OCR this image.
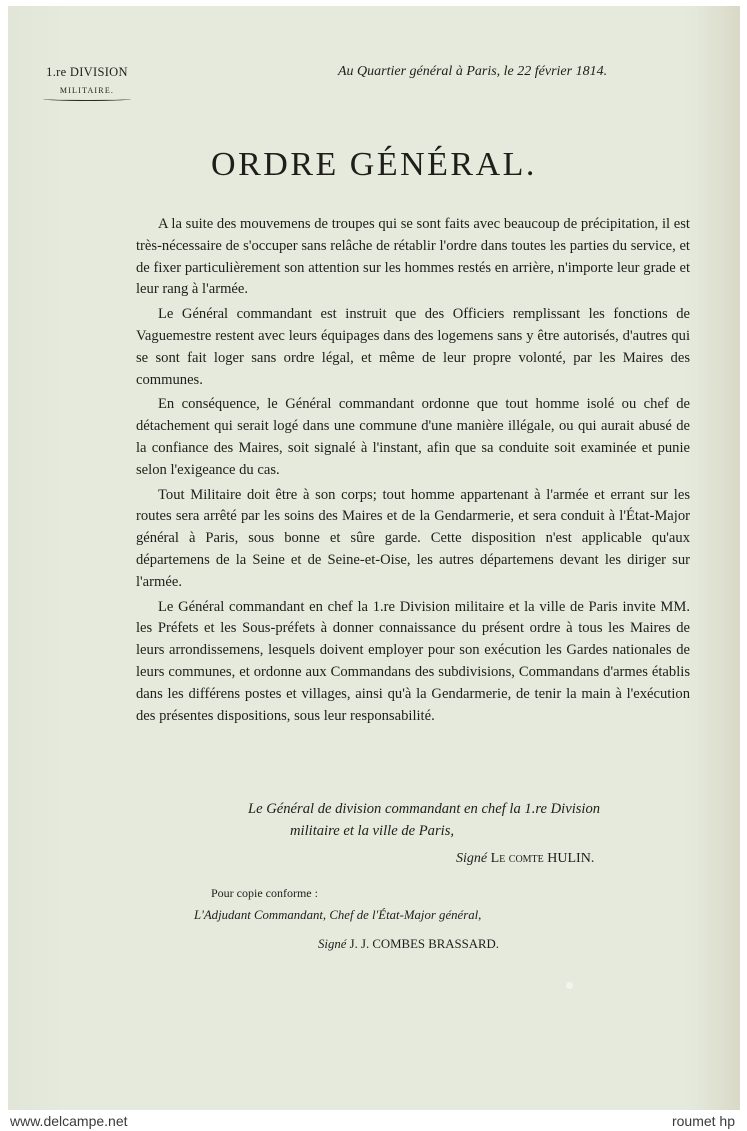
1.re DIVISION
MILITAIRE.
Au Quartier général à Paris, le 22 février 1814.
ORDRE GÉNÉRAL.

A la suite des mouvemens de troupes qui se sont faits avec beaucoup de précipitation, il est très-nécessaire de s'occuper sans relâche de rétablir l'ordre dans toutes les parties du service, et de fixer particulièrement son attention sur les hommes restés en arrière, n'importe leur grade et leur rang à l'armée.

Le Général commandant est instruit que des Officiers remplissant les fonctions de Vaguemestre restent avec leurs équipages dans des logemens sans y être autorisés, d'autres qui se sont fait loger sans ordre légal, et même de leur propre volonté, par les Maires des communes.

En conséquence, le Général commandant ordonne que tout homme isolé ou chef de détachement qui serait logé dans une commune d'une manière illégale, ou qui aurait abusé de la confiance des Maires, soit signalé à l'instant, afin que sa conduite soit examinée et punie selon l'exigeance du cas.

Tout Militaire doit être à son corps; tout homme appartenant à l'armée et errant sur les routes sera arrêté par les soins des Maires et de la Gendarmerie, et sera conduit à l'État-Major général à Paris, sous bonne et sûre garde. Cette disposition n'est applicable qu'aux départemens de la Seine et de Seine-et-Oise, les autres départemens devant les diriger sur l'armée.

Le Général commandant en chef la 1.re Division militaire et la ville de Paris invite MM. les Préfets et les Sous-préfets à donner connaissance du présent ordre à tous les Maires de leurs arrondissemens, lesquels doivent employer pour son exécution les Gardes nationales de leurs communes, et ordonne aux Commandans des subdivisions, Commandans d'armes établis dans les différens postes et villages, ainsi qu'à la Gendarmerie, de tenir la main à l'exécution des présentes dispositions, sous leur responsabilité.

Le Général de division commandant en chef la 1.re Division
militaire et la ville de Paris,
Signé Le comte HULIN.
Pour copie conforme :
L'Adjudant Commandant, Chef de l'État-Major général,
Signé J. J. COMBES BRASSARD.
www.delcampe.net	roumet hp
